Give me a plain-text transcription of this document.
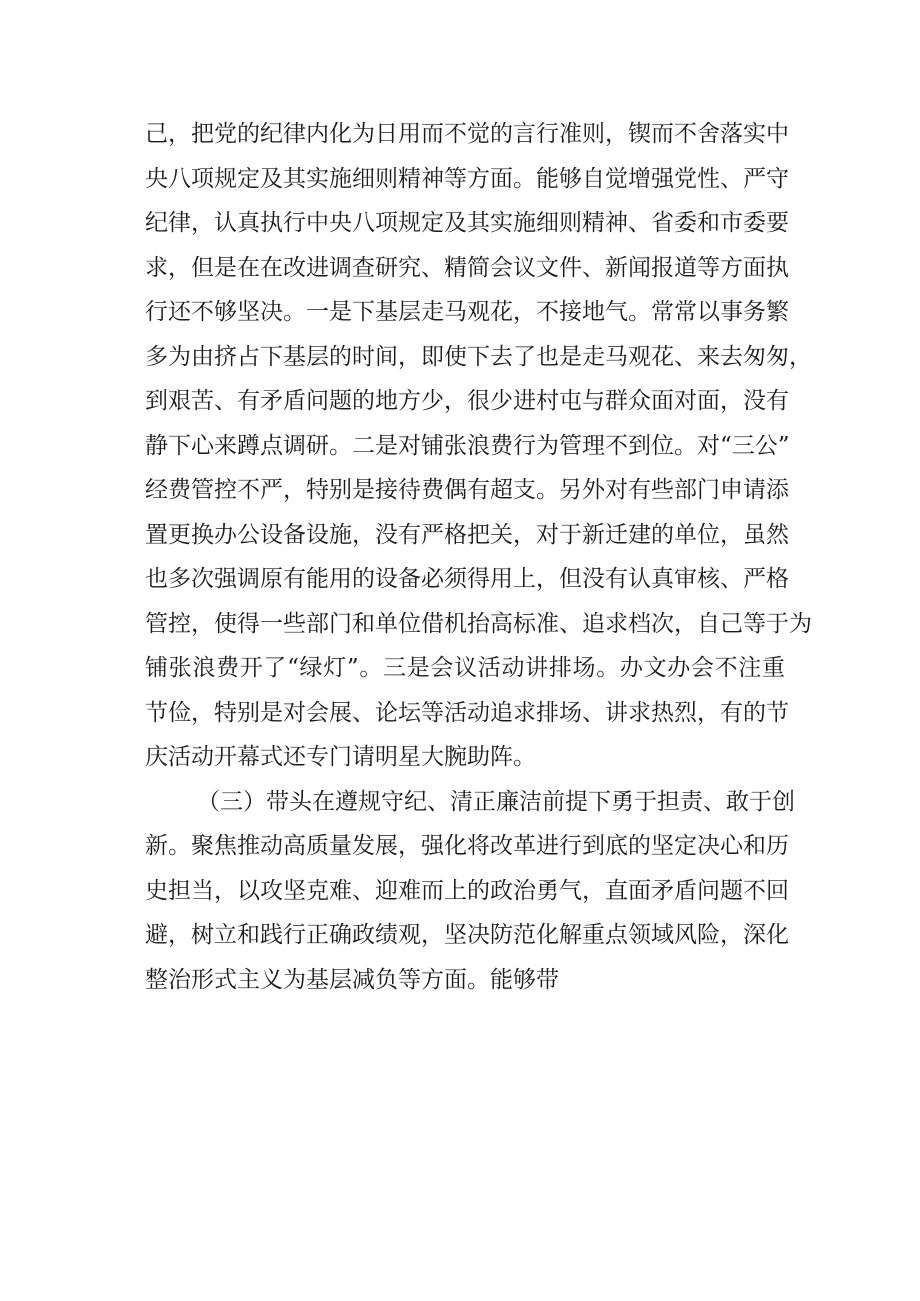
己，把党的纪律内化为日用而不觉的言行准则，锲而不舍落实中
央八项规定及其实施细则精神等方面。能够自觉增强党性、严守
纪律，认真执行中央八项规定及其实施细则精神、省委和市委要
求，但是在在改进调查研究、精简会议文件、新闻报道等方面执
行还不够坚决。一是下基层走马观花，不接地气。常常以事务繁
多为由挤占下基层的时间，即使下去了也是走马观花、来去匆匆，
到艰苦、有矛盾问题的地方少，很少进村屯与群众面对面，没有
静下心来蹲点调研。二是对铺张浪费行为管理不到位。对“三公”
经费管控不严，特别是接待费偶有超支。另外对有些部门申请添
置更换办公设备设施，没有严格把关，对于新迁建的单位，虽然
也多次强调原有能用的设备必须得用上，但没有认真审核、严格
管控，使得一些部门和单位借机抬高标准、追求档次，自己等于为
铺张浪费开了“绿灯”。三是会议活动讲排场。办文办会不注重
节俭，特别是对会展、论坛等活动追求排场、讲求热烈，有的节
庆活动开幕式还专门请明星大腕助阵。
（三）带头在遵规守纪、清正廉洁前提下勇于担责、敢于创
新。聚焦推动高质量发展，强化将改革进行到底的坚定决心和历
史担当，以攻坚克难、迎难而上的政治勇气，直面矛盾问题不回
避，树立和践行正确政绩观，坚决防范化解重点领域风险，深化
整治形式主义为基层减负等方面。能够带
